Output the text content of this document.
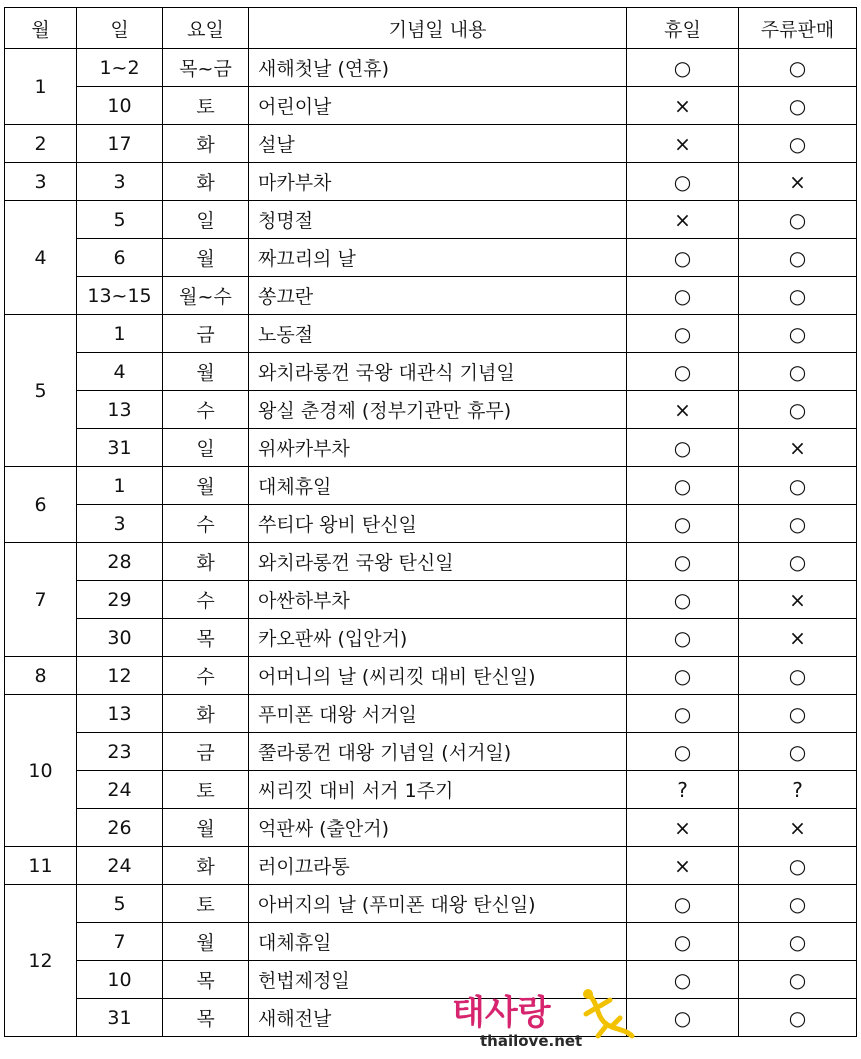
월	일	요일	기념일 내용	휴일	주류판매
1	1~2	목~금	새해첫날 (연휴)	○	○
	10	토	어린이날	×	○
2	17	화	설날	×	○
3	3	화	마카부차	○	×
4	5	일	청명절	×	○
	6	월	짜끄리의 날	○	○
	13~15	월~수	쏭끄란	○	○
5	1	금	노동절	○	○
	4	월	와치라롱껀 국왕 대관식 기념일	○	○
	13	수	왕실 춘경제 (정부기관만 휴무)	×	○
	31	일	위싸카부차	○	×
6	1	월	대체휴일	○	○
	3	수	쑤티다 왕비 탄신일	○	○
7	28	화	와치라롱껀 국왕 탄신일	○	○
	29	수	아싼하부차	○	×
	30	목	카오판싸 (입안거)	○	×
8	12	수	어머니의 날 (씨리낏 대비 탄신일)	○	○
10	13	화	푸미폰 대왕 서거일	○	○
	23	금	쭐라롱껀 대왕 기념일 (서거일)	○	○
	24	토	씨리낏 대비 서거 1주기	?	?
	26	월	억판싸 (출안거)	×	×
11	24	화	러이끄라통	×	○
12	5	토	아버지의 날 (푸미폰 대왕 탄신일)	○	○
	7	월	대체휴일	○	○
	10	목	헌법제정일	○	○
	31	목	새해전날	○	○
태사랑
thailove.net
